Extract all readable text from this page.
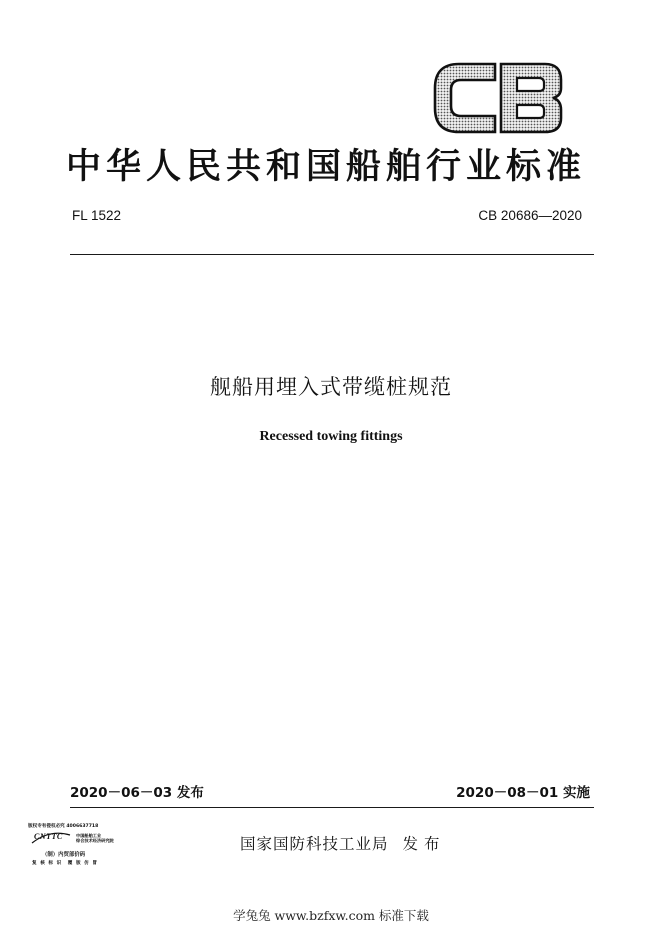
中华人民共和国船舶行业标准
FL 1522	CB 20686—2020
舰船用埋入式带缆桩规范
Recessed towing fittings
2020－06－03 发布	2020－08－01 实施
版权专有侵权必究 4006637718
CNTTC	中国船舶工业
综合技术经济研究院
（制）内贸部价码
复 核 标 识　覆 版 仿 冒
国家国防科技工业局 发布
学兔兔 www.bzfxw.com 标准下载
